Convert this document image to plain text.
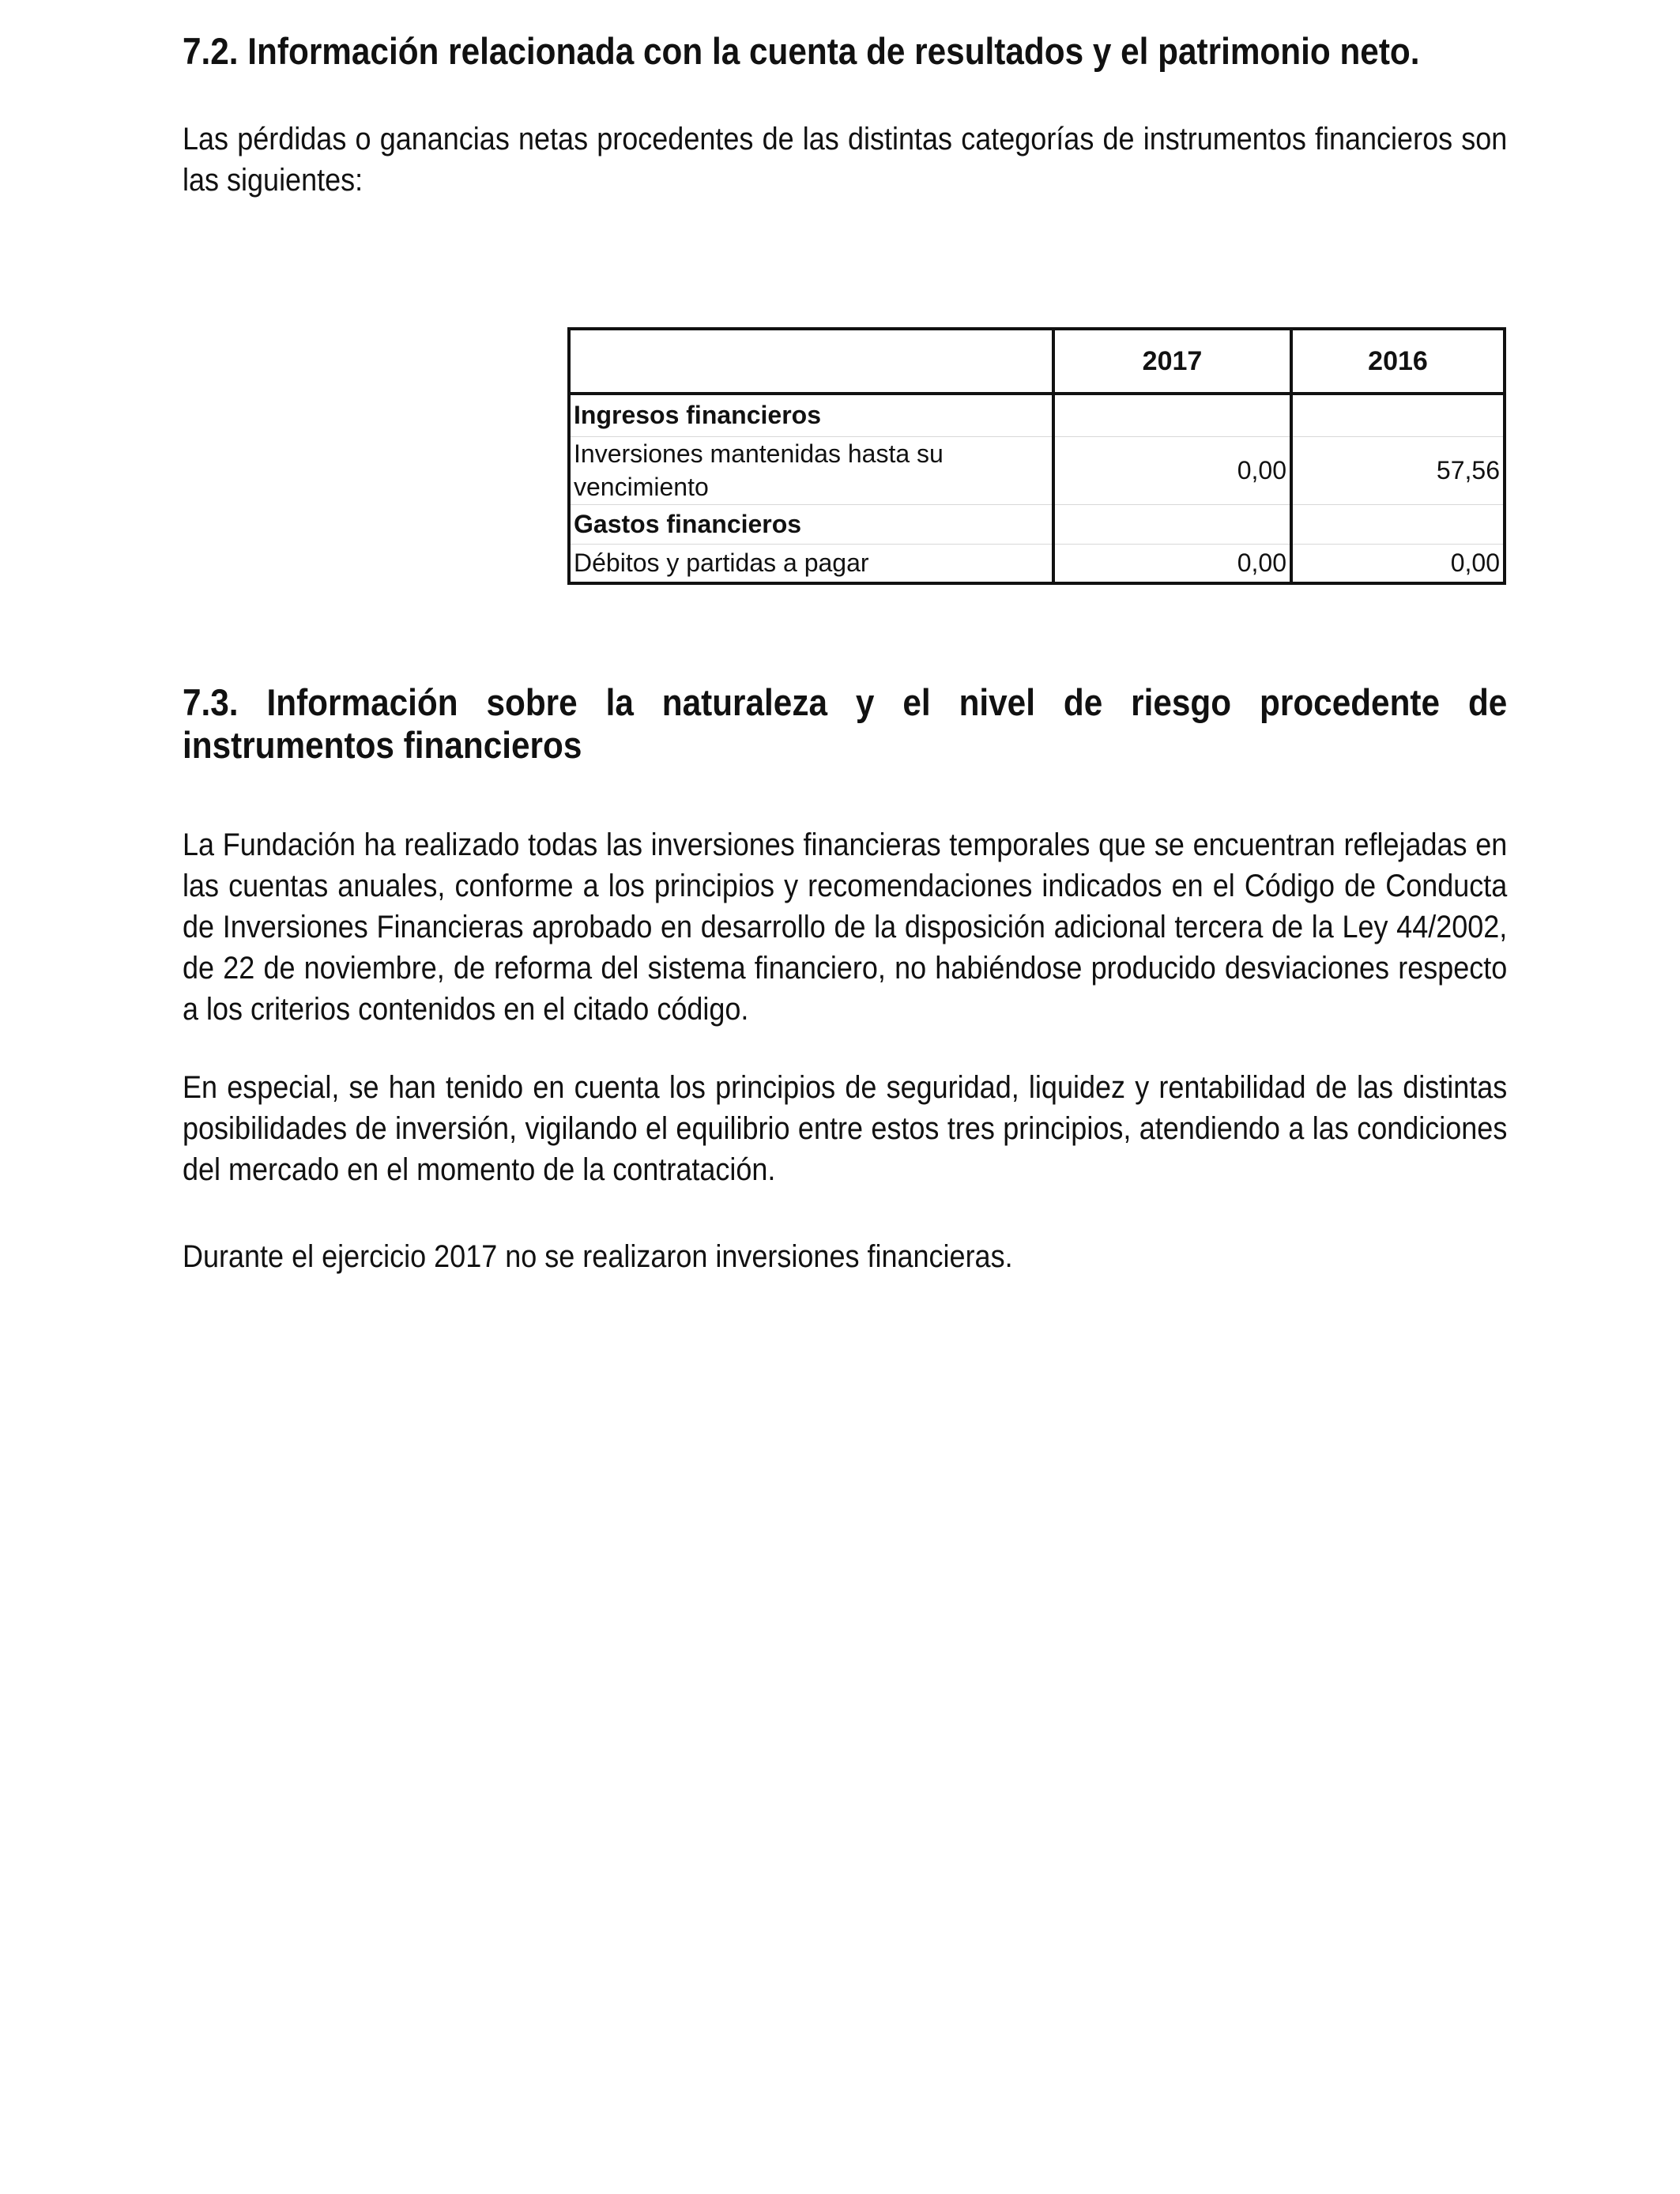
7.2. Información relacionada con la cuenta de resultados y el patrimonio neto.

Las pérdidas o ganancias netas procedentes de las distintas categorías de instrumentos financieros son las siguientes:

	2017	2016
Ingresos financieros		
Inversiones mantenidas hasta su vencimiento	0,00	57,56
Gastos financieros		
Débitos y partidas a pagar	0,00	0,00
7.3. Información sobre la naturaleza y el nivel de riesgo procedente de instrumentos financieros

La Fundación ha realizado todas las inversiones financieras temporales que se encuentran reflejadas en las cuentas anuales, conforme a los principios y recomendaciones indicados en el Código de Conducta de Inversiones Financieras aprobado en desarrollo de la disposición adicional tercera de la Ley 44/2002, de 22 de noviembre, de reforma del sistema financiero, no habiéndose producido desviaciones respecto a los criterios contenidos en el citado código.

En especial, se han tenido en cuenta los principios de seguridad, liquidez y rentabilidad de las distintas posibilidades de inversión, vigilando el equilibrio entre estos tres principios, atendiendo a las condiciones del mercado en el momento de la contratación.

Durante el ejercicio 2017 no se realizaron inversiones financieras.
